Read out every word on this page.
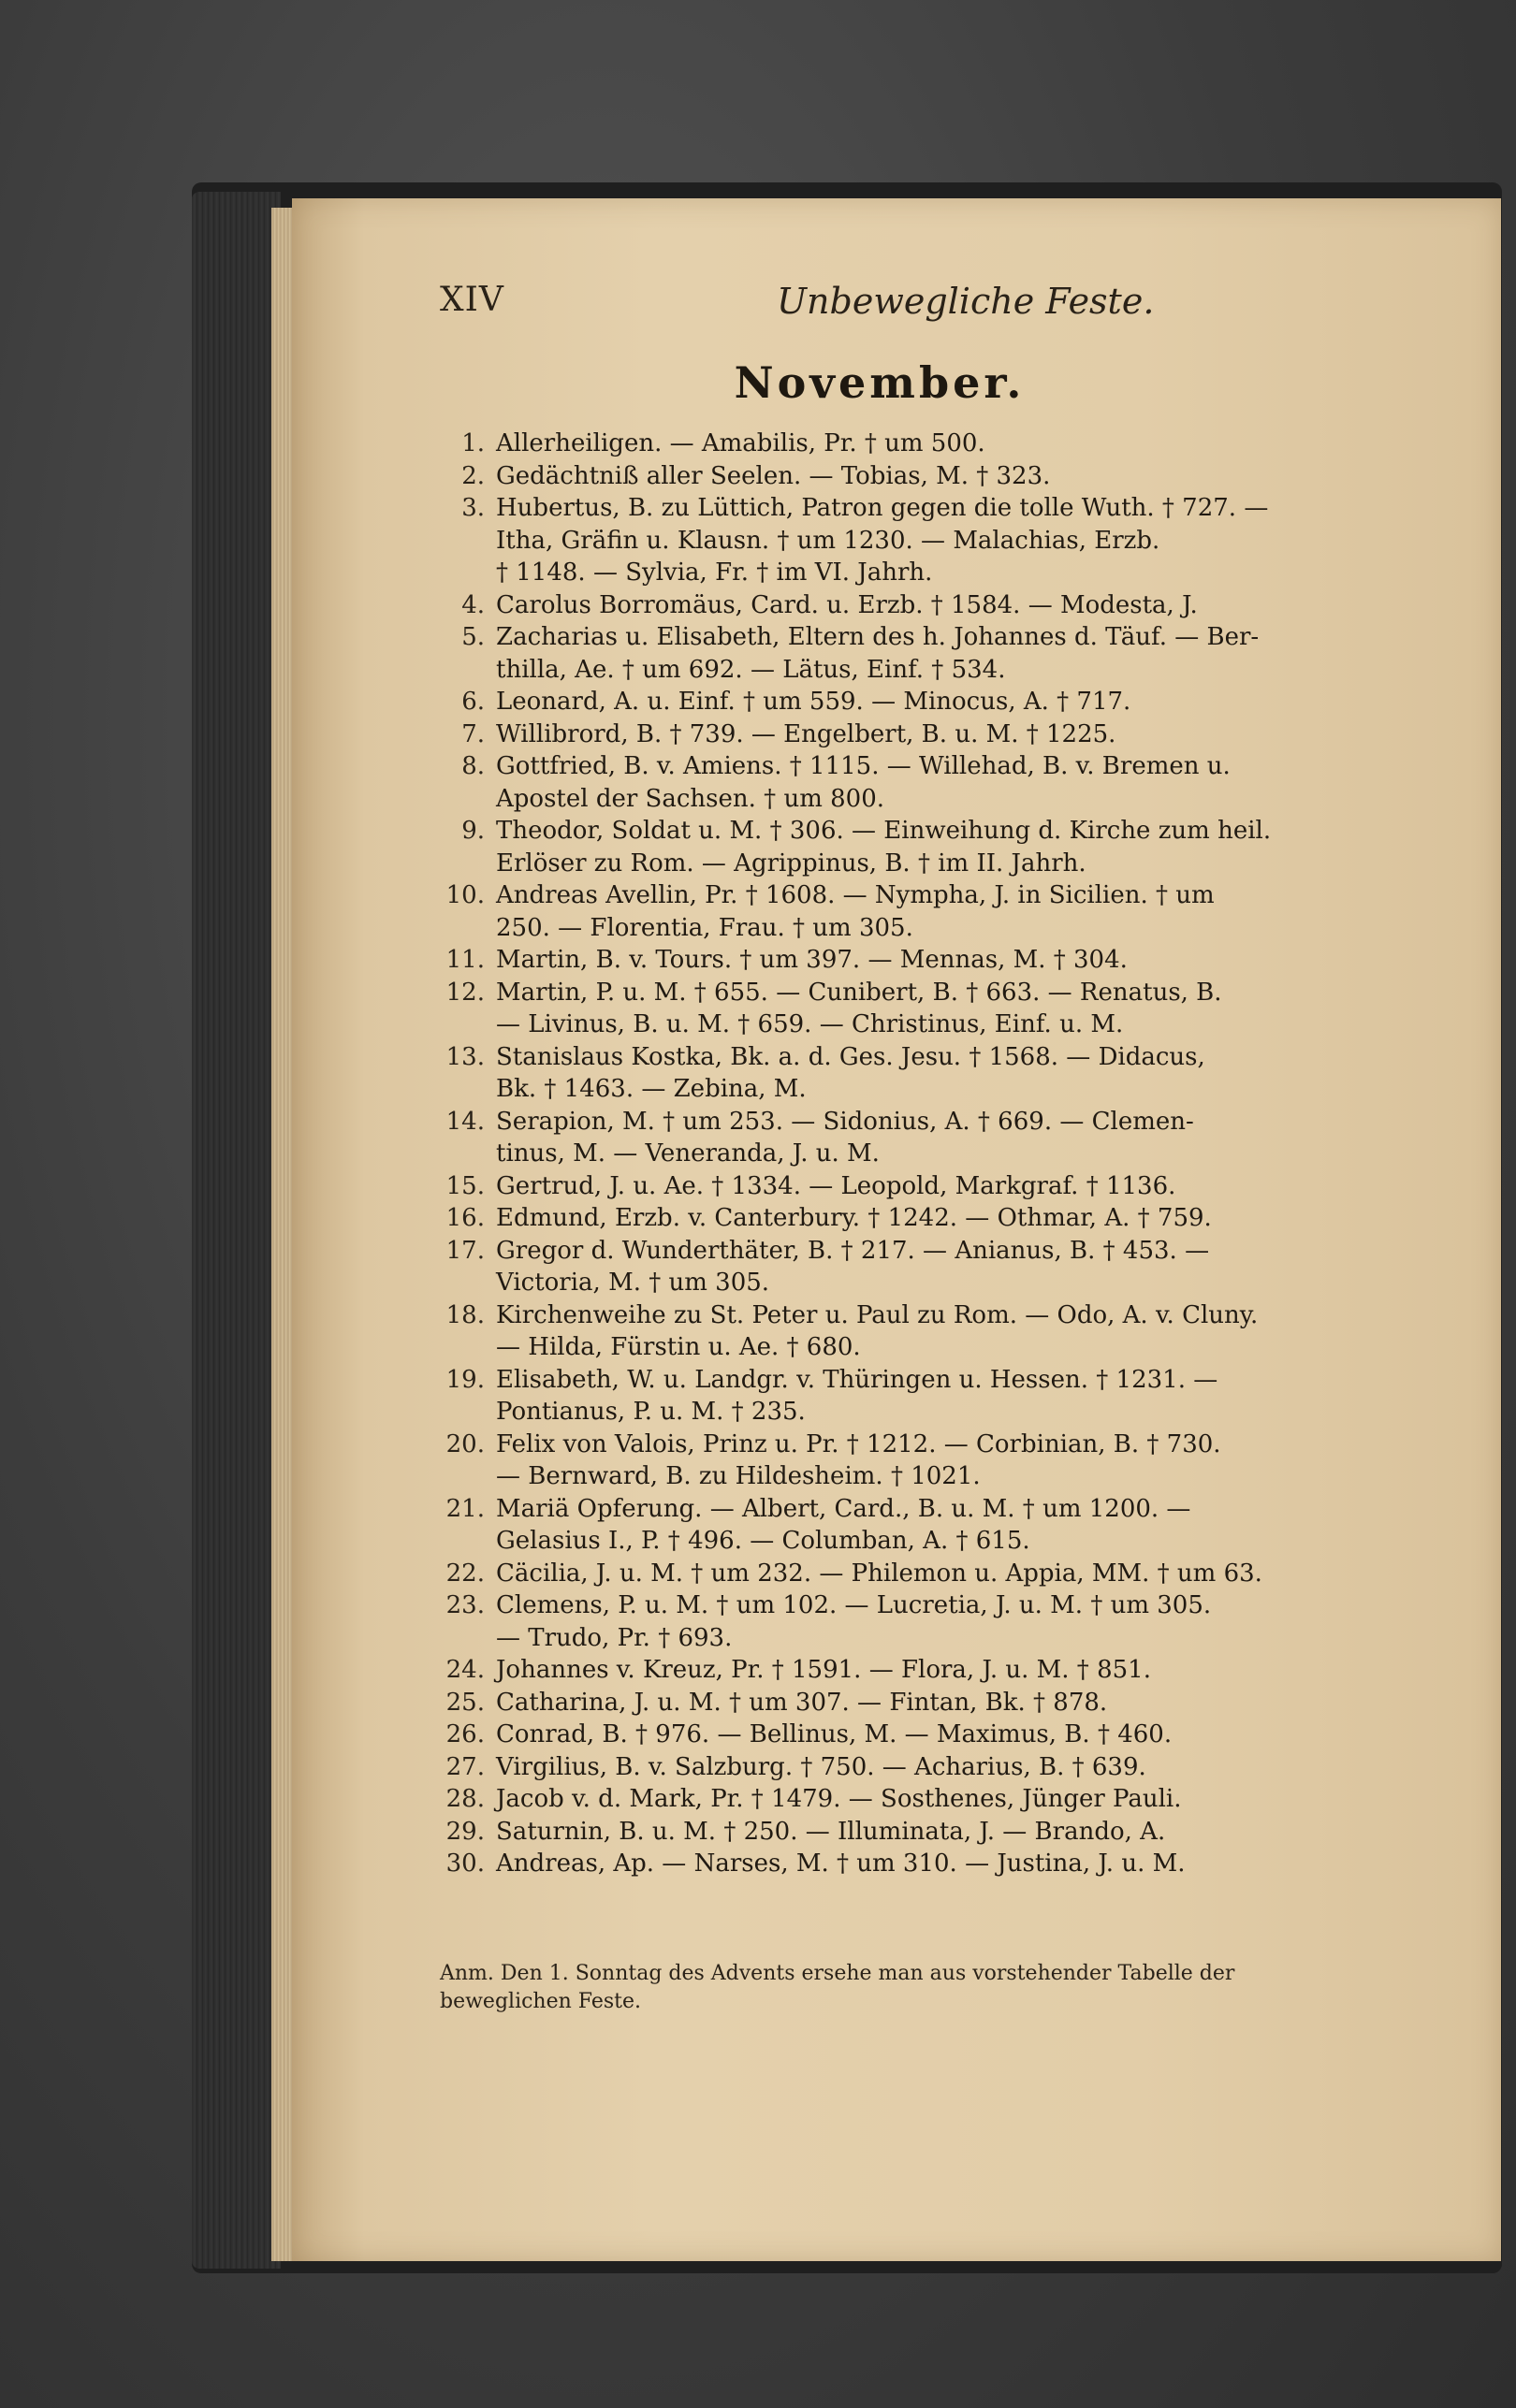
XIV	Unbewegliche Feste.
November.
1. Allerheiligen. — Amabilis, Pr. † um 500.
2. Gedächtniß aller Seelen. — Tobias, M. † 323.
3. Hubertus, B. zu Lüttich, Patron gegen die tolle Wuth. † 727. —
Itha, Gräfin u. Klausn. † um 1230. — Malachias, Erzb.
† 1148. — Sylvia, Fr. † im VI. Jahrh.
4. Carolus Borromäus, Card. u. Erzb. † 1584. — Modesta, J.
5. Zacharias u. Elisabeth, Eltern des h. Johannes d. Täuf. — Ber-
thilla, Ae. † um 692. — Lätus, Einf. † 534.
6. Leonard, A. u. Einf. † um 559. — Minocus, A. † 717.
7. Willibrord, B. † 739. — Engelbert, B. u. M. † 1225.
8. Gottfried, B. v. Amiens. † 1115. — Willehad, B. v. Bremen u.
Apostel der Sachsen. † um 800.
9. Theodor, Soldat u. M. † 306. — Einweihung d. Kirche zum heil.
Erlöser zu Rom. — Agrippinus, B. † im II. Jahrh.
10. Andreas Avellin, Pr. † 1608. — Nympha, J. in Sicilien. † um
250. — Florentia, Frau. † um 305.
11. Martin, B. v. Tours. † um 397. — Mennas, M. † 304.
12. Martin, P. u. M. † 655. — Cunibert, B. † 663. — Renatus, B.
— Livinus, B. u. M. † 659. — Christinus, Einf. u. M.
13. Stanislaus Kostka, Bk. a. d. Ges. Jesu. † 1568. — Didacus,
Bk. † 1463. — Zebina, M.
14. Serapion, M. † um 253. — Sidonius, A. † 669. — Clemen-
tinus, M. — Veneranda, J. u. M.
15. Gertrud, J. u. Ae. † 1334. — Leopold, Markgraf. † 1136.
16. Edmund, Erzb. v. Canterbury. † 1242. — Othmar, A. † 759.
17. Gregor d. Wunderthäter, B. † 217. — Anianus, B. † 453. —
Victoria, M. † um 305.
18. Kirchenweihe zu St. Peter u. Paul zu Rom. — Odo, A. v. Cluny.
— Hilda, Fürstin u. Ae. † 680.
19. Elisabeth, W. u. Landgr. v. Thüringen u. Hessen. † 1231. —
Pontianus, P. u. M. † 235.
20. Felix von Valois, Prinz u. Pr. † 1212. — Corbinian, B. † 730.
— Bernward, B. zu Hildesheim. † 1021.
21. Mariä Opferung. — Albert, Card., B. u. M. † um 1200. —
Gelasius I., P. † 496. — Columban, A. † 615.
22. Cäcilia, J. u. M. † um 232. — Philemon u. Appia, MM. † um 63.
23. Clemens, P. u. M. † um 102. — Lucretia, J. u. M. † um 305.
— Trudo, Pr. † 693.
24. Johannes v. Kreuz, Pr. † 1591. — Flora, J. u. M. † 851.
25. Catharina, J. u. M. † um 307. — Fintan, Bk. † 878.
26. Conrad, B. † 976. — Bellinus, M. — Maximus, B. † 460.
27. Virgilius, B. v. Salzburg. † 750. — Acharius, B. † 639.
28. Jacob v. d. Mark, Pr. † 1479. — Sosthenes, Jünger Pauli.
29. Saturnin, B. u. M. † 250. — Illuminata, J. — Brando, A.
30. Andreas, Ap. — Narses, M. † um 310. — Justina, J. u. M.
Anm. Den 1. Sonntag des Advents ersehe man aus vorstehender Tabelle der
beweglichen Feste.
